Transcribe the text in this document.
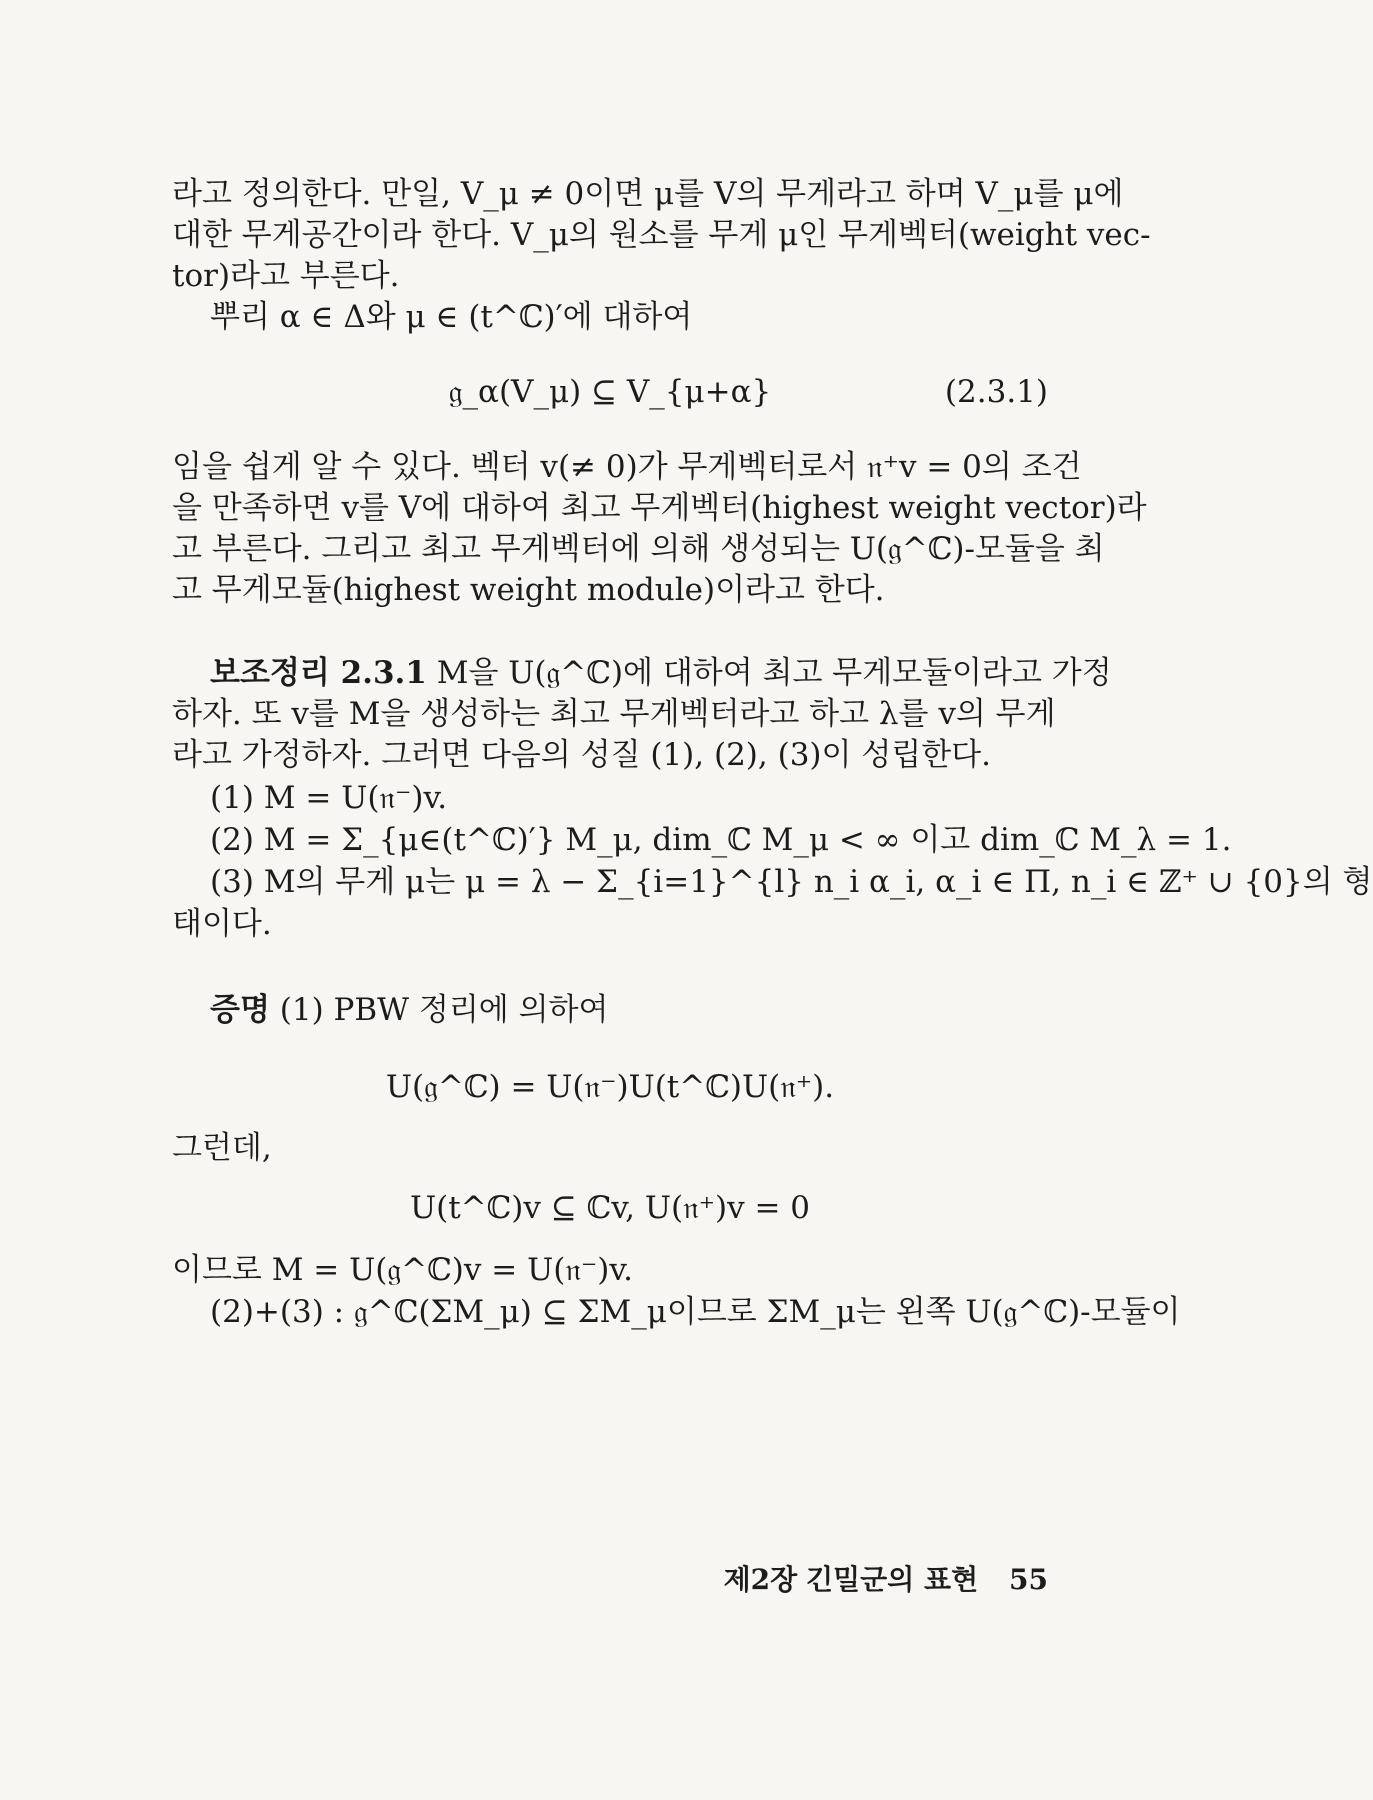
라고 정의한다. 만일, V_μ ≠ 0이면 μ를 V의 무게라고 하며 V_μ를 μ에
대한 무게공간이라 한다. V_μ의 원소를 무게 μ인 무게벡터(weight vec-
tor)라고 부른다.
뿌리 α ∈ Δ와 μ ∈ (t^ℂ)′에 대하여
𝔤_α(V_μ) ⊆ V_{μ+α}	(2.3.1)
임을 쉽게 알 수 있다. 벡터 v(≠ 0)가 무게벡터로서 𝔫⁺v = 0의 조건
을 만족하면 v를 V에 대하여 최고 무게벡터(highest weight vector)라
고 부른다. 그리고 최고 무게벡터에 의해 생성되는 U(𝔤^ℂ)-모듈을 최
고 무게모듈(highest weight module)이라고 한다.
보조정리 2.3.1 M을 U(𝔤^ℂ)에 대하여 최고 무게모듈이라고 가정
하자. 또 v를 M을 생성하는 최고 무게벡터라고 하고 λ를 v의 무게
라고 가정하자. 그러면 다음의 성질 (1), (2), (3)이 성립한다.
(1) M = U(𝔫⁻)v.
(2) M = Σ_{μ∈(t^ℂ)′} M_μ, dim_ℂ M_μ < ∞ 이고 dim_ℂ M_λ = 1.
(3) M의 무게 μ는 μ = λ − Σ_{i=1}^{l} n_i α_i, α_i ∈ Π, n_i ∈ ℤ⁺ ∪ {0}의 형
태이다.
증명 (1) PBW 정리에 의하여
U(𝔤^ℂ) = U(𝔫⁻)U(t^ℂ)U(𝔫⁺).
그런데,
U(t^ℂ)v ⊆ ℂv, U(𝔫⁺)v = 0
이므로 M = U(𝔤^ℂ)v = U(𝔫⁻)v.
(2)+(3) : 𝔤^ℂ(ΣM_μ) ⊆ ΣM_μ이므로 ΣM_μ는 왼쪽 U(𝔤^ℂ)-모듈이
제2장 긴밀군의 표현 55
